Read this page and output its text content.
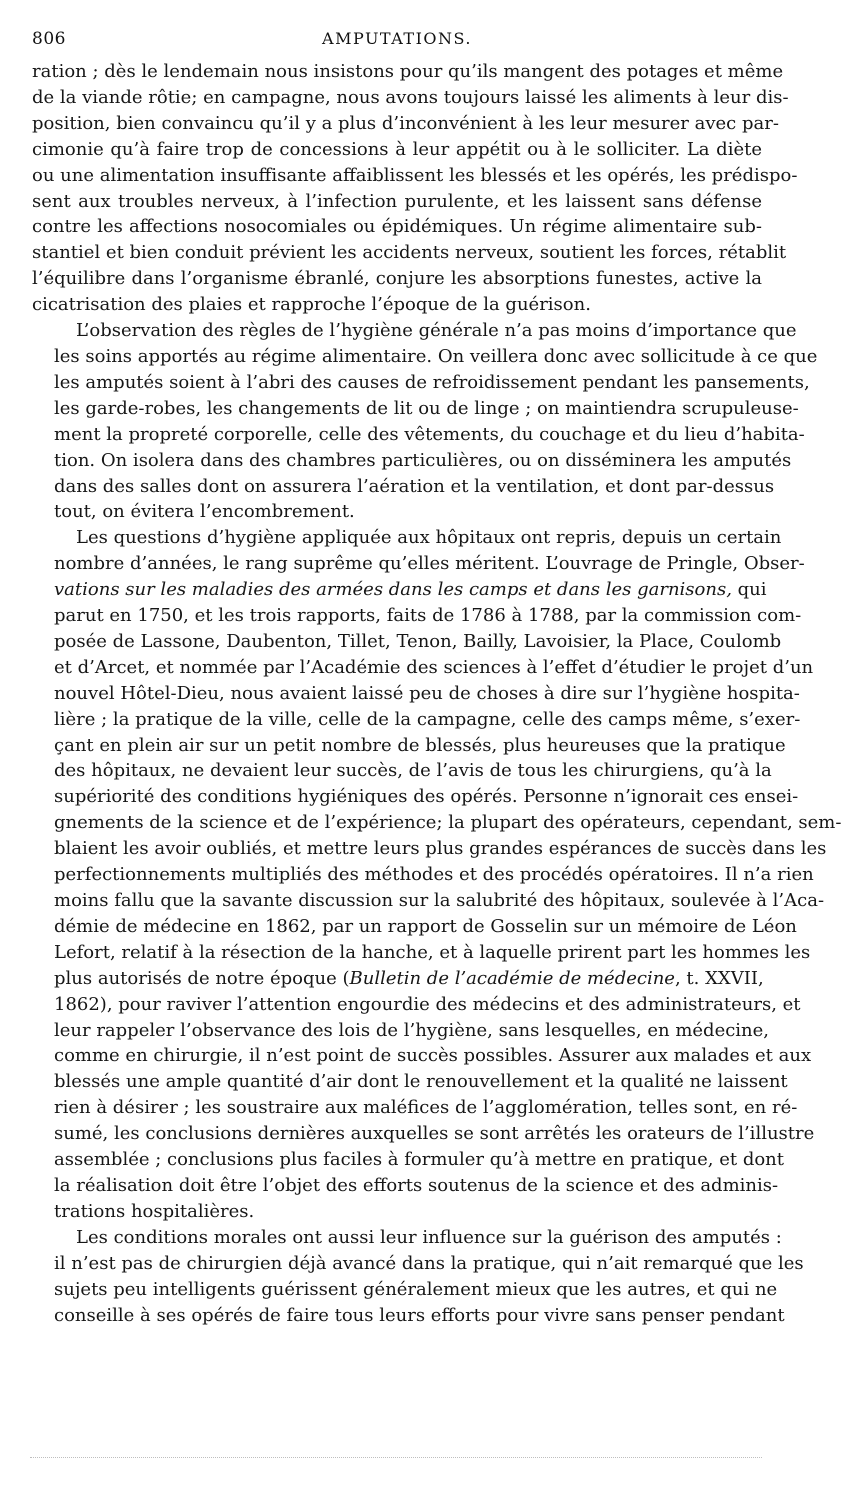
806	AMPUTATIONS.

ration ; dès le lendemain nous insistons pour qu’ils mangent des potages et même
de la viande rôtie; en campagne, nous avons toujours laissé les aliments à leur dis-
position, bien convaincu qu’il y a plus d’inconvénient à les leur mesurer avec par-
cimonie qu’à faire trop de concessions à leur appétit ou à le solliciter. La diète
ou une alimentation insuffisante affaiblissent les blessés et les opérés, les prédispo-
sent aux troubles nerveux, à l’infection purulente, et les laissent sans défense
contre les affections nosocomiales ou épidémiques. Un régime alimentaire sub-
stantiel et bien conduit prévient les accidents nerveux, soutient les forces, rétablit
l’équilibre dans l’organisme ébranlé, conjure les absorptions funestes, active la
cicatrisation des plaies et rapproche l’époque de la guérison.

L’observation des règles de l’hygiène générale n’a pas moins d’importance que
les soins apportés au régime alimentaire. On veillera donc avec sollicitude à ce que
les amputés soient à l’abri des causes de refroidissement pendant les pansements,
les garde-robes, les changements de lit ou de linge ; on maintiendra scrupuleuse-
ment la propreté corporelle, celle des vêtements, du couchage et du lieu d’habita-
tion. On isolera dans des chambres particulières, ou on disséminera les amputés
dans des salles dont on assurera l’aération et la ventilation, et dont par-dessus
tout, on évitera l’encombrement.

Les questions d’hygiène appliquée aux hôpitaux ont repris, depuis un certain
nombre d’années, le rang suprême qu’elles méritent. L’ouvrage de Pringle, Obser-
vations sur les maladies des armées dans les camps et dans les garnisons, qui
parut en 1750, et les trois rapports, faits de 1786 à 1788, par la commission com-
posée de Lassone, Daubenton, Tillet, Tenon, Bailly, Lavoisier, la Place, Coulomb
et d’Arcet, et nommée par l’Académie des sciences à l’effet d’étudier le projet d’un
nouvel Hôtel-Dieu, nous avaient laissé peu de choses à dire sur l’hygiène hospita-
lière ; la pratique de la ville, celle de la campagne, celle des camps même, s’exer-
çant en plein air sur un petit nombre de blessés, plus heureuses que la pratique
des hôpitaux, ne devaient leur succès, de l’avis de tous les chirurgiens, qu’à la
supériorité des conditions hygiéniques des opérés. Personne n’ignorait ces ensei-
gnements de la science et de l’expérience; la plupart des opérateurs, cependant, sem-
blaient les avoir oubliés, et mettre leurs plus grandes espérances de succès dans les
perfectionnements multipliés des méthodes et des procédés opératoires. Il n’a rien
moins fallu que la savante discussion sur la salubrité des hôpitaux, soulevée à l’Aca-
démie de médecine en 1862, par un rapport de Gosselin sur un mémoire de Léon
Lefort, relatif à la résection de la hanche, et à laquelle prirent part les hommes les
plus autorisés de notre époque (Bulletin de l’académie de médecine, t. XXVII,
1862), pour raviver l’attention engourdie des médecins et des administrateurs, et
leur rappeler l’observance des lois de l’hygiène, sans lesquelles, en médecine,
comme en chirurgie, il n’est point de succès possibles. Assurer aux malades et aux
blessés une ample quantité d’air dont le renouvellement et la qualité ne laissent
rien à désirer ; les soustraire aux maléfices de l’agglomération, telles sont, en ré-
sumé, les conclusions dernières auxquelles se sont arrêtés les orateurs de l’illustre
assemblée ; conclusions plus faciles à formuler qu’à mettre en pratique, et dont
la réalisation doit être l’objet des efforts soutenus de la science et des adminis-
trations hospitalières.

Les conditions morales ont aussi leur influence sur la guérison des amputés :
il n’est pas de chirurgien déjà avancé dans la pratique, qui n’ait remarqué que les
sujets peu intelligents guérissent généralement mieux que les autres, et qui ne
conseille à ses opérés de faire tous leurs efforts pour vivre sans penser pendant
